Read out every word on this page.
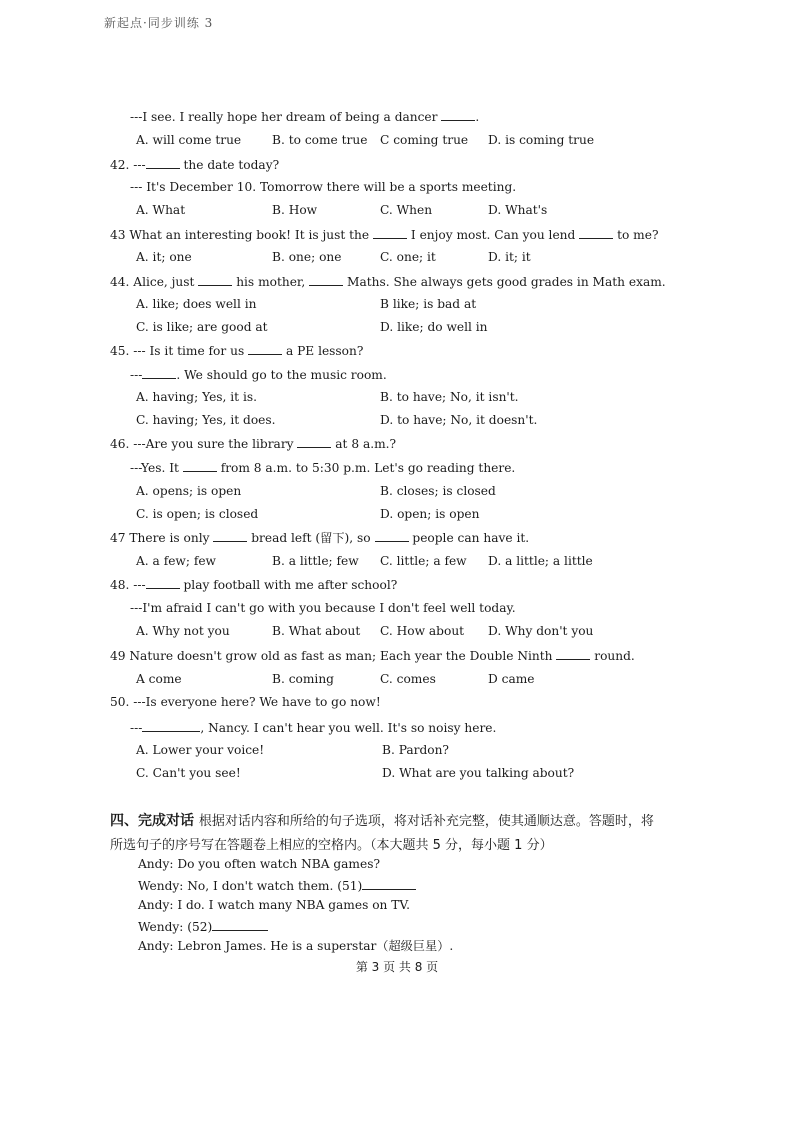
新起点·同步训练 3
---I see. I really hope her dream of being a dancer	.
A. will come true	B. to come true C coming true D. is coming true
42. ---	the date today?
--- It's December 10. Tomorrow there will be a sports meeting.
A. What	B. How	C. When	D. What's
43 What an interesting book! It is just the	I enjoy most. Can you lend	to me?
A. it; one	B. one; one	C. one; it	D. it; it
44. Alice, just	his mother,	Maths. She always gets good grades in Math exam.
A. like; does well in	B like; is bad at
C. is like; are good at	D. like; do well in
45. --- Is it time for us	a PE lesson?
---	. We should go to the music room.
A. having; Yes, it is.	B. to have; No, it isn't.
C. having; Yes, it does.	D. to have; No, it doesn't.
46. ---Are you sure the library	at 8 a.m.?
---Yes. It	from 8 a.m. to 5:30 p.m. Let's go reading there.
A. opens; is open	B. closes; is closed
C. is open; is closed	D. open; is open
47 There is only	bread left (留下), so	people can have it.
A. a few; few	B. a little; few C. little; a few D. a little; a little
48. ---	play football with me after school?
---I'm afraid I can't go with you because I don't feel well today.
A. Why not you	B. What about C. How about D. Why don't you
49 Nature doesn't grow old as fast as man; Each year the Double Ninth	round.
A come	B. coming	C. comes	D came
50. ---Is everyone here? We have to go now!
---	, Nancy. I can't hear you well. It's so noisy here.
A. Lower your voice!	B. Pardon?
C. Can't you see!	D. What are you talking about?
四、完成对话 根据对话内容和所给的句子选项，将对话补充完整，使其通顺达意。答题时，将
所选句子的序号写在答题卷上相应的空格内。（本大题共 5 分，每小题 1 分）
Andy: Do you often watch NBA games?
Wendy: No, I don't watch them. (51)
Andy: I do. I watch many NBA games on TV.
Wendy: (52)
Andy: Lebron James. He is a superstar（超级巨星）.
第 3 页 共 8 页
